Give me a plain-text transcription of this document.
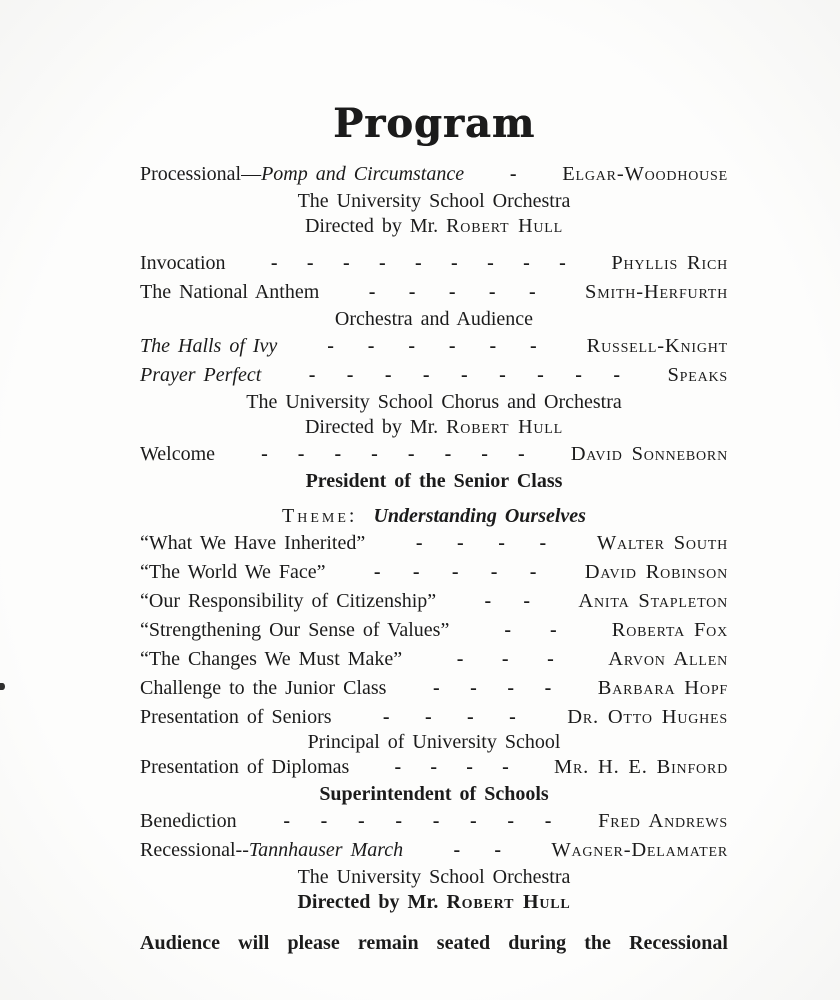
Program
Processional—Pomp and Circumstance - Elgar-Woodhouse
The University School Orchestra
Directed by Mr. Robert Hull
Invocation - - - - - - - - - Phyllis Rich
The National Anthem - - - - - Smith-Herfurth
Orchestra and Audience
The Halls of Ivy - - - - - - Russell-Knight
Prayer Perfect - - - - - - - - - Speaks
The University School Chorus and Orchestra
Directed by Mr. Robert Hull
Welcome - - - - - - - - David Sonneborn
President of the Senior Class
Theme: Understanding Ourselves
“What We Have Inherited”	- - - - Walter South
“The World We Face” - - - - - David Robinson
“Our Responsibility of Citizenship” - - Anita Stapleton
“Strengthening Our Sense of Values”	- -	Roberta Fox
“The Changes We Must Make”	- - -	Arvon Allen
Challenge to the Junior Class - - - - Barbara Hopf
Presentation of Seniors	- - - -	Dr. Otto Hughes
Principal of University School
Presentation of Diplomas - - - - Mr. H. E. Binford
Superintendent of Schools
Benediction - - - - - - - - Fred Andrews
Recessional--Tannhauser March	- - Wagner-Delamater
The University School Orchestra
Directed by Mr. Robert Hull
Audience will please remain seated during the Recessional
